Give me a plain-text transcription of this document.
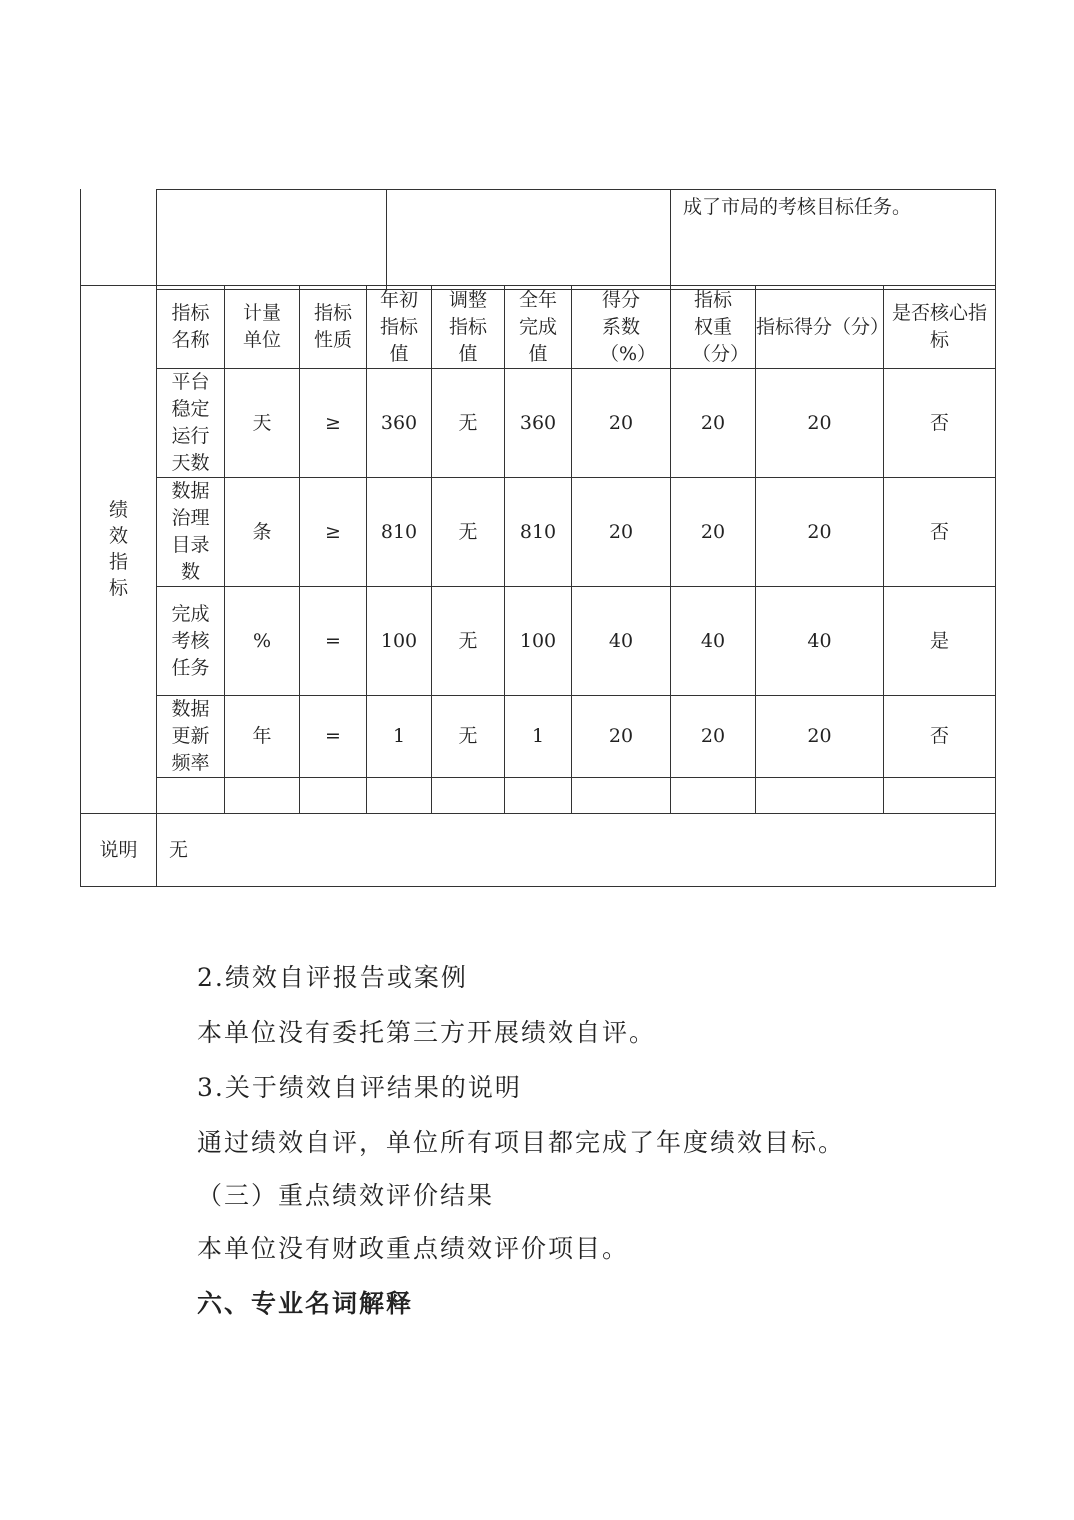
		成了市局的考核目标任务。
绩效指标	指标名称	计量单位	指标性质	年初指标值	调整指标值	全年完成值	得分系数（%）	指标权重（分）	指标得分（分）	是否核心指标
	平台稳定运行天数	天	≥	360	无	360	20	20	20	否
	数据治理目录数	条	≥	810	无	810	20	20	20	否
	完成考核任务	%	=	100	无	100	40	40	40	是
	数据更新频率	年	=	1	无	1	20	20	20	否

说明	无									
2.绩效自评报告或案例
本单位没有委托第三方开展绩效自评。
3.关于绩效自评结果的说明
通过绩效自评，单位所有项目都完成了年度绩效目标。
（三）重点绩效评价结果
本单位没有财政重点绩效评价项目。
六、专业名词解释
